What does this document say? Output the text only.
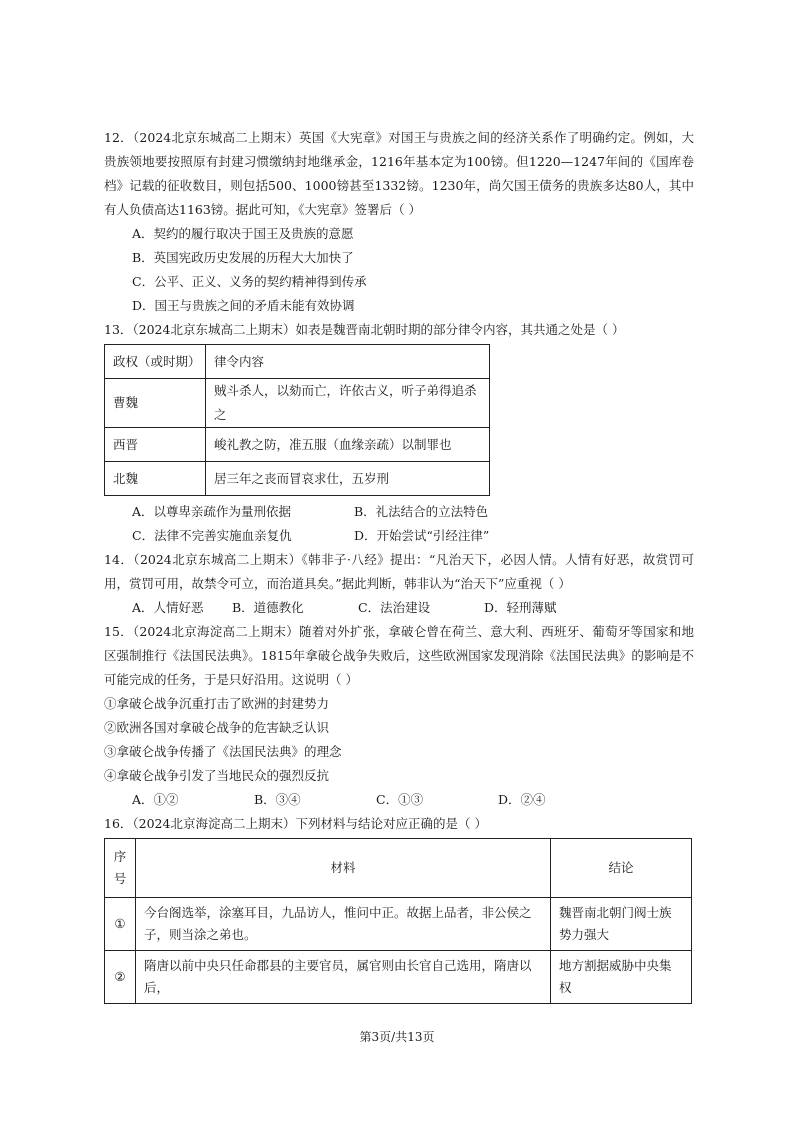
12．（2024北京东城高二上期末）英国《大宪章》对国王与贵族之间的经济关系作了明确约定。例如，大贵族领地要按照原有封建习惯缴纳封地继承金，1216年基本定为100镑。但1220—1247年间的《国库卷档》记载的征收数目，则包括500、1000镑甚至1332镑。1230年，尚欠国王债务的贵族多达80人，其中有人负债高达1163镑。据此可知，《大宪章》签署后（ ）

A．契约的履行取决于国王及贵族的意愿

B．英国宪政历史发展的历程大大加快了

C．公平、正义、义务的契约精神得到传承

D．国王与贵族之间的矛盾未能有效协调

13．（2024北京东城高二上期末）如表是魏晋南北朝时期的部分律令内容，其共通之处是（ ）

政权（或时期）	律令内容
曹魏	贼斗杀人，以劾而亡，许依古义，听子弟得追杀之
西晋	峻礼教之防，准五服（血缘亲疏）以制罪也
北魏	居三年之丧而冒哀求仕，五岁刑
A．以尊卑亲疏作为量刑依据	B．礼法结合的立法特色
C．法律不完善实施血亲复仇	D．开始尝试“引经注律”

14．（2024北京东城高二上期末）《韩非子·八经》提出：“凡治天下，必因人情。人情有好恶，故赏罚可用，赏罚可用，故禁令可立，而治道具矣。”据此判断，韩非认为“治天下”应重视（ ）

A．人情好恶	B．道德教化	C．法治建设	D．轻刑薄赋

15．（2024北京海淀高二上期末）随着对外扩张，拿破仑曾在荷兰、意大利、西班牙、葡萄牙等国家和地区强制推行《法国民法典》。1815年拿破仑战争失败后，这些欧洲国家发现消除《法国民法典》的影响是不可能完成的任务，于是只好沿用。这说明（ ）

①拿破仑战争沉重打击了欧洲的封建势力

②欧洲各国对拿破仑战争的危害缺乏认识

③拿破仑战争传播了《法国民法典》的理念

④拿破仑战争引发了当地民众的强烈反抗

A．①②	B．③④	C．①③	D．②④

16．（2024北京海淀高二上期末）下列材料与结论对应正确的是（ ）

序号	材料	结论
①	今台阁选举，涂塞耳目，九品访人，惟问中正。故据上品者，非公侯之子，则当涂之弟也。	魏晋南北朝门阀士族势力强大
②	隋唐以前中央只任命郡县的主要官员，属官则由长官自己选用，隋唐以后，	地方割据威胁中央集权
第3页/共13页
